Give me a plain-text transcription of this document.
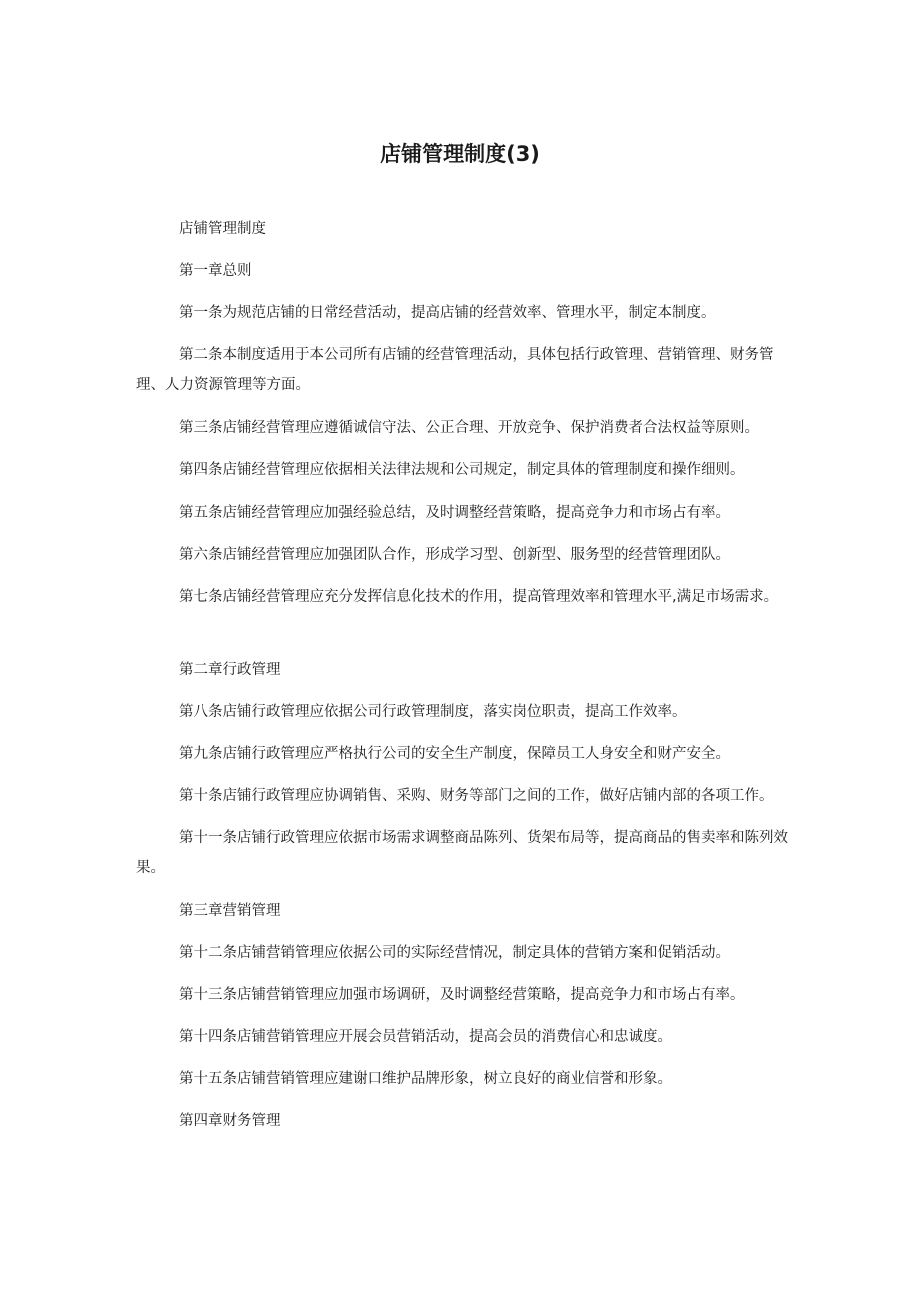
店铺管理制度(3)
店铺管理制度
第一章总则
第一条为规范店铺的日常经营活动，提高店铺的经营效率、管理水平，制定本制度。
第二条本制度适用于本公司所有店铺的经营管理活动，具体包括行政管理、营销管理、财务管理、人力资源管理等方面。
第三条店铺经营管理应遵循诚信守法、公正合理、开放竞争、保护消费者合法权益等原则。
第四条店铺经营管理应依据相关法律法规和公司规定，制定具体的管理制度和操作细则。
第五条店铺经营管理应加强经验总结，及时调整经营策略，提高竞争力和市场占有率。
第六条店铺经营管理应加强团队合作，形成学习型、创新型、服务型的经营管理团队。
第七条店铺经营管理应充分发挥信息化技术的作用，提高管理效率和管理水平,满足市场需求。
第二章行政管理
第八条店铺行政管理应依据公司行政管理制度，落实岗位职责，提高工作效率。
第九条店铺行政管理应严格执行公司的安全生产制度，保障员工人身安全和财产安全。
第十条店铺行政管理应协调销售、采购、财务等部门之间的工作，做好店铺内部的各项工作。
第十一条店铺行政管理应依据市场需求调整商品陈列、货架布局等，提高商品的售卖率和陈列效果。
第三章营销管理
第十二条店铺营销管理应依据公司的实际经营情况，制定具体的营销方案和促销活动。
第十三条店铺营销管理应加强市场调研，及时调整经营策略，提高竞争力和市场占有率。
第十四条店铺营销管理应开展会员营销活动，提高会员的消费信心和忠诚度。
第十五条店铺营销管理应建谢口维护品牌形象，树立良好的商业信誉和形象。
第四章财务管理
